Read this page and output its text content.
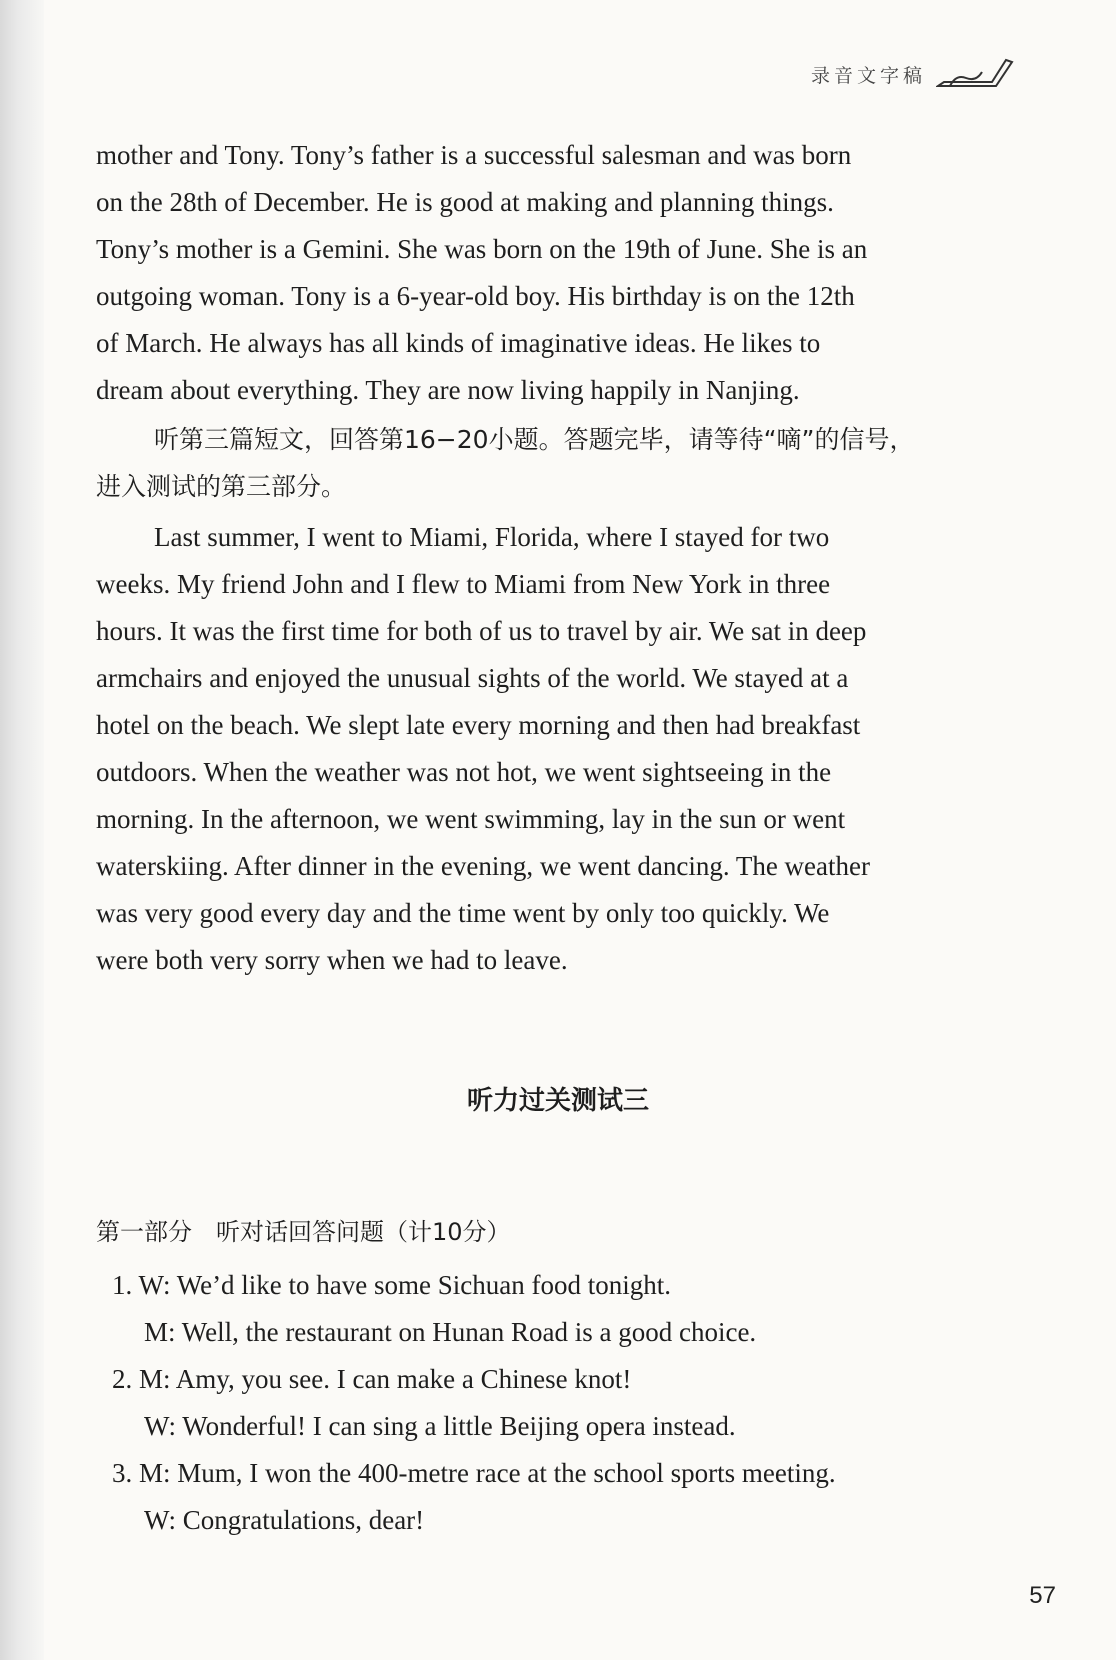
录音文字稿
mother and Tony. Tony’s father is a successful salesman and was born
on the 28th of December. He is good at making and planning things.
Tony’s mother is a Gemini. She was born on the 19th of June. She is an
outgoing woman. Tony is a 6-year-old boy. His birthday is on the 12th
of March. He always has all kinds of imaginative ideas. He likes to
dream about everything. They are now living happily in Nanjing.
听第三篇短文，回答第16−20小题。答题完毕，请等待“嘀”的信号，
进入测试的第三部分。
Last summer, I went to Miami, Florida, where I stayed for two
weeks. My friend John and I flew to Miami from New York in three
hours. It was the first time for both of us to travel by air. We sat in deep
armchairs and enjoyed the unusual sights of the world. We stayed at a
hotel on the beach. We slept late every morning and then had breakfast
outdoors. When the weather was not hot, we went sightseeing in the
morning. In the afternoon, we went swimming, lay in the sun or went
waterskiing. After dinner in the evening, we went dancing. The weather
was very good every day and the time went by only too quickly. We
were both very sorry when we had to leave.
听力过关测试三
第一部分　听对话回答问题（计10分）
1. W: We’d like to have some Sichuan food tonight.
M: Well, the restaurant on Hunan Road is a good choice.
2. M: Amy, you see. I can make a Chinese knot!
W: Wonderful! I can sing a little Beijing opera instead.
3. M: Mum, I won the 400-metre race at the school sports meeting.
W: Congratulations, dear!
57
